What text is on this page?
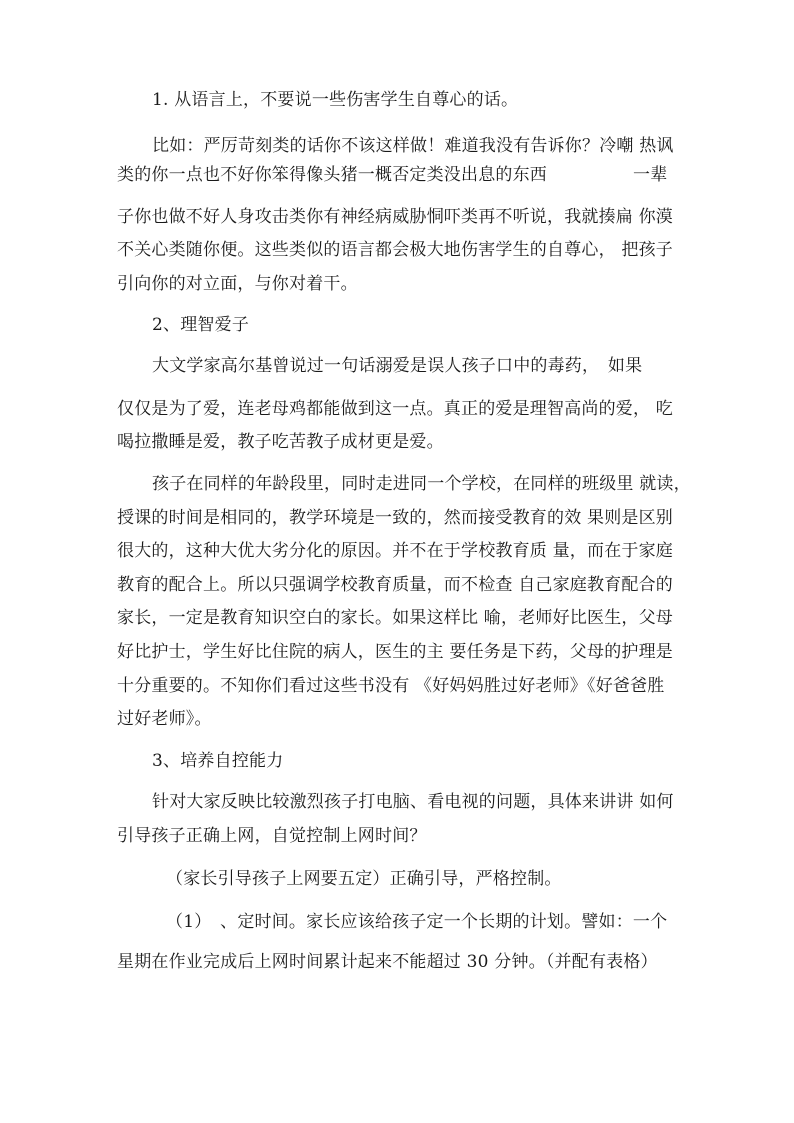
1. 从语言上，不要说一些伤害学生自尊心的话。
比如：严厉苛刻类的话你不该这样做！难道我没有告诉你？冷嘲 热讽
类的你一点也不好你笨得像头猪一概否定类没出息的东西　　　　　一辈
子你也做不好人身攻击类你有神经病威胁恫吓类再不听说，我就揍扁 你漠
不关心类随你便。这些类似的语言都会极大地伤害学生的自尊心， 把孩子
引向你的对立面，与你对着干。
2、理智爱子
大文学家高尔基曾说过一句话溺爱是误人孩子口中的毒药，　如果
仅仅是为了爱，连老母鸡都能做到这一点。真正的爱是理智高尚的爱， 吃
喝拉撒睡是爱，教子吃苦教子成材更是爱。
孩子在同样的年龄段里，同时走进同一个学校，在同样的班级里 就读，
授课的时间是相同的，教学环境是一致的，然而接受教育的效 果则是区别
很大的，这种大优大劣分化的原因。并不在于学校教育质 量，而在于家庭
教育的配合上。所以只强调学校教育质量，而不检查 自己家庭教育配合的
家长，一定是教育知识空白的家长。如果这样比 喻，老师好比医生，父母
好比护士，学生好比住院的病人，医生的主 要任务是下药，父母的护理是
十分重要的。不知你们看过这些书没有 《好妈妈胜过好老师》《好爸爸胜
过好老师》。
3、培养自控能力
针对大家反映比较激烈孩子打电脑、看电视的问题，具体来讲讲 如何
引导孩子正确上网，自觉控制上网时间？
（家长引导孩子上网要五定）正确引导，严格控制。
（1）　、定时间。家长应该给孩子定一个长期的计划。譬如：一个
星期在作业完成后上网时间累计起来不能超过 30 分钟。（并配有表格）
